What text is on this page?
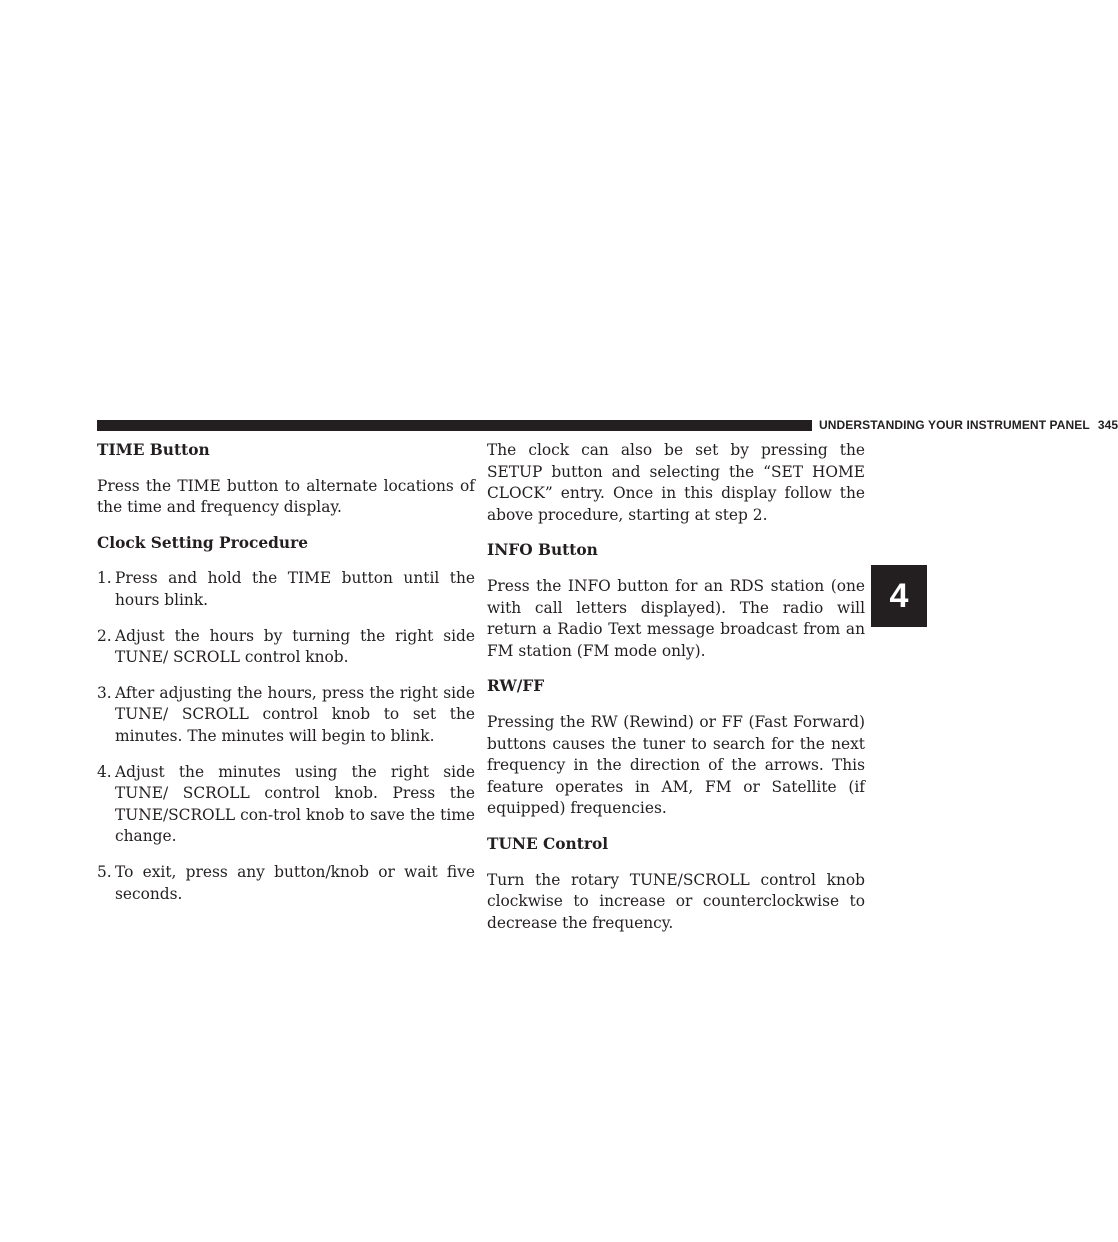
UNDERSTANDING YOUR INSTRUMENT PANEL 345
4

TIME Button

Press the TIME button to alternate locations of the time and frequency display.

Clock Setting Procedure

1. Press and hold the TIME button until the hours blink.
2. Adjust the hours by turning the right side TUNE/ SCROLL control knob.
3. After adjusting the hours, press the right side TUNE/ SCROLL control knob to set the minutes. The minutes will begin to blink.
4. Adjust the minutes using the right side TUNE/ SCROLL control knob. Press the TUNE/SCROLL con-trol knob to save the time change.
5. To exit, press any button/knob or wait five seconds.

The clock can also be set by pressing the SETUP button and selecting the “SET HOME CLOCK” entry. Once in this display follow the above procedure, starting at step 2.

INFO Button

Press the INFO button for an RDS station (one with call letters displayed). The radio will return a Radio Text message broadcast from an FM station (FM mode only).

RW/FF

Pressing the RW (Rewind) or FF (Fast Forward) buttons causes the tuner to search for the next frequency in the direction of the arrows. This feature operates in AM, FM or Satellite (if equipped) frequencies.

TUNE Control

Turn the rotary TUNE/SCROLL control knob clockwise to increase or counterclockwise to decrease the frequency.
